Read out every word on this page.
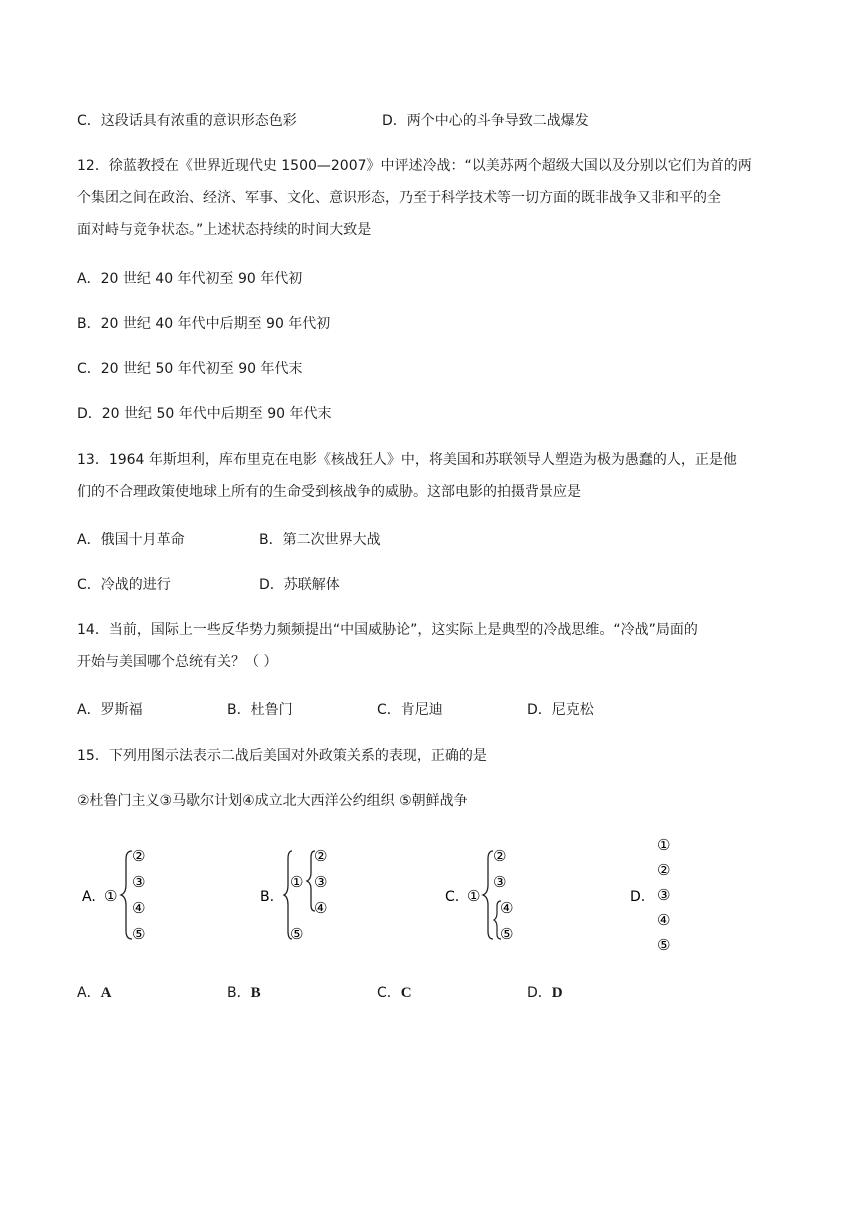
C．这段话具有浓重的意识形态色彩	D．两个中心的斗争导致二战爆发
12．徐蓝教授在《世界近现代史 1500—2007》中评述冷战：“以美苏两个超级大国以及分别以它们为首的两
个集团之间在政治、经济、军事、文化、意识形态，乃至于科学技术等一切方面的既非战争又非和平的全
面对峙与竞争状态。”上述状态持续的时间大致是
A．20 世纪 40 年代初至 90 年代初
B．20 世纪 40 年代中后期至 90 年代初
C．20 世纪 50 年代初至 90 年代末
D．20 世纪 50 年代中后期至 90 年代末
13．1964 年斯坦利，库布里克在电影《核战狂人》中，将美国和苏联领导人塑造为极为愚蠢的人，正是他
们的不合理政策使地球上所有的生命受到核战争的威胁。这部电影的拍摄背景应是
A．俄国十月革命	B．第二次世界大战
C．冷战的进行	D．苏联解体
14．当前，国际上一些反华势力频频提出“中国威胁论”，这实际上是典型的冷战思维。“冷战”局面的
开始与美国哪个总统有关？（ ）
A．罗斯福	B．杜鲁门	C．肯尼迪	D．尼克松
15．下列用图示法表示二战后美国对外政策关系的表现，正确的是
②杜鲁门主义③马歇尔计划④成立北大西洋公约组织 ⑤朝鲜战争
A. ①
②
③
④
⑤
B.
①
②
③
④
⑤
C. ①
②
③
④
⑤
D.
①
②
③
④
⑤
A．A	B．B	C．C	D．D
